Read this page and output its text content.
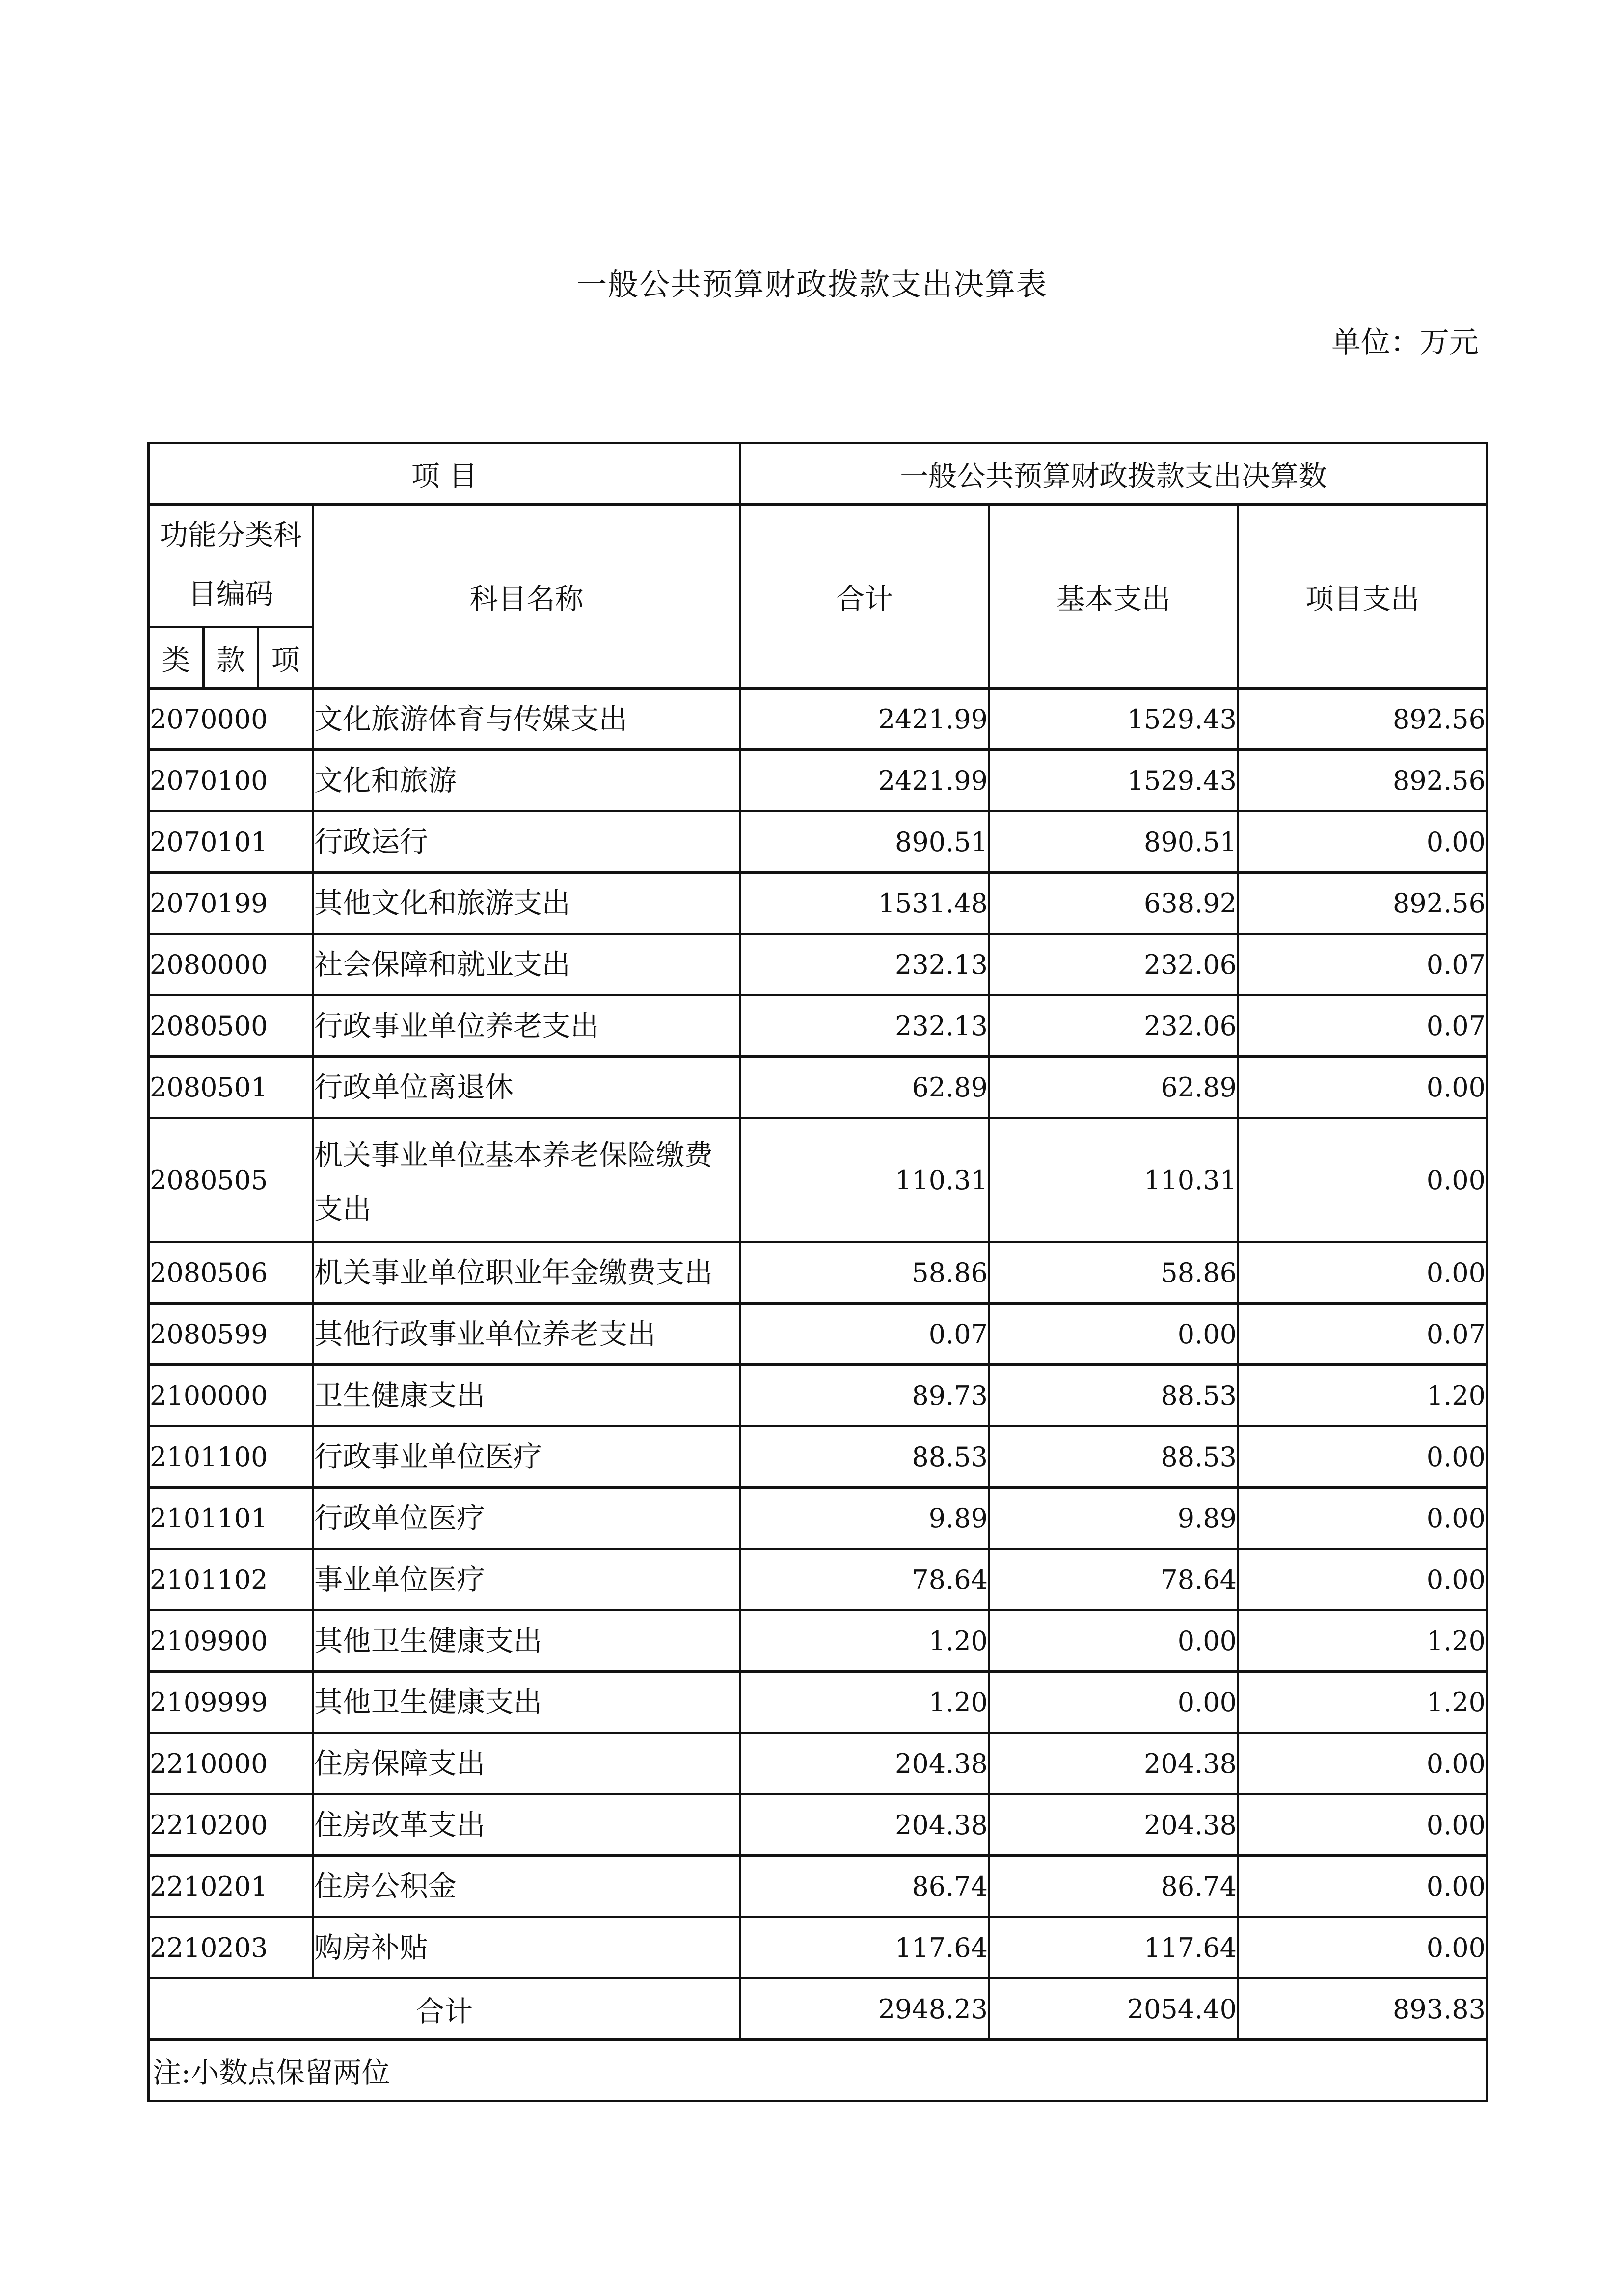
一般公共预算财政拨款支出决算表
单位：万元
项 目		一般公共预算财政拨款支出决算数		
功能分类科目编码	科目名称	合计	基本支出	项目支出

类 款 项				

2070000	文化旅游体育与传媒支出	2421.99	1529.43	892.56
2070100	文化和旅游	2421.99	1529.43	892.56
2070101	行政运行	890.51	890.51	0.00
2070199	其他文化和旅游支出	1531.48	638.92	892.56
2080000	社会保障和就业支出	232.13	232.06	0.07
2080500	行政事业单位养老支出	232.13	232.06	0.07
2080501	行政单位离退休	62.89	62.89	0.00
2080505	机关事业单位基本养老保险缴费支出	110.31	110.31	0.00
2080506	机关事业单位职业年金缴费支出	58.86	58.86	0.00
2080599	其他行政事业单位养老支出	0.07	0.00	0.07
2100000	卫生健康支出	89.73	88.53	1.20
2101100	行政事业单位医疗	88.53	88.53	0.00
2101101	行政单位医疗	9.89	9.89	0.00
2101102	事业单位医疗	78.64	78.64	0.00
2109900	其他卫生健康支出	1.20	0.00	1.20
2109999	其他卫生健康支出	1.20	0.00	1.20
2210000	住房保障支出	204.38	204.38	0.00
2210200	住房改革支出	204.38	204.38	0.00
2210201	住房公积金	86.74	86.74	0.00
2210203	购房补贴	117.64	117.64	0.00
合计		2948.23	2054.40	893.83
注:小数点保留两位				
